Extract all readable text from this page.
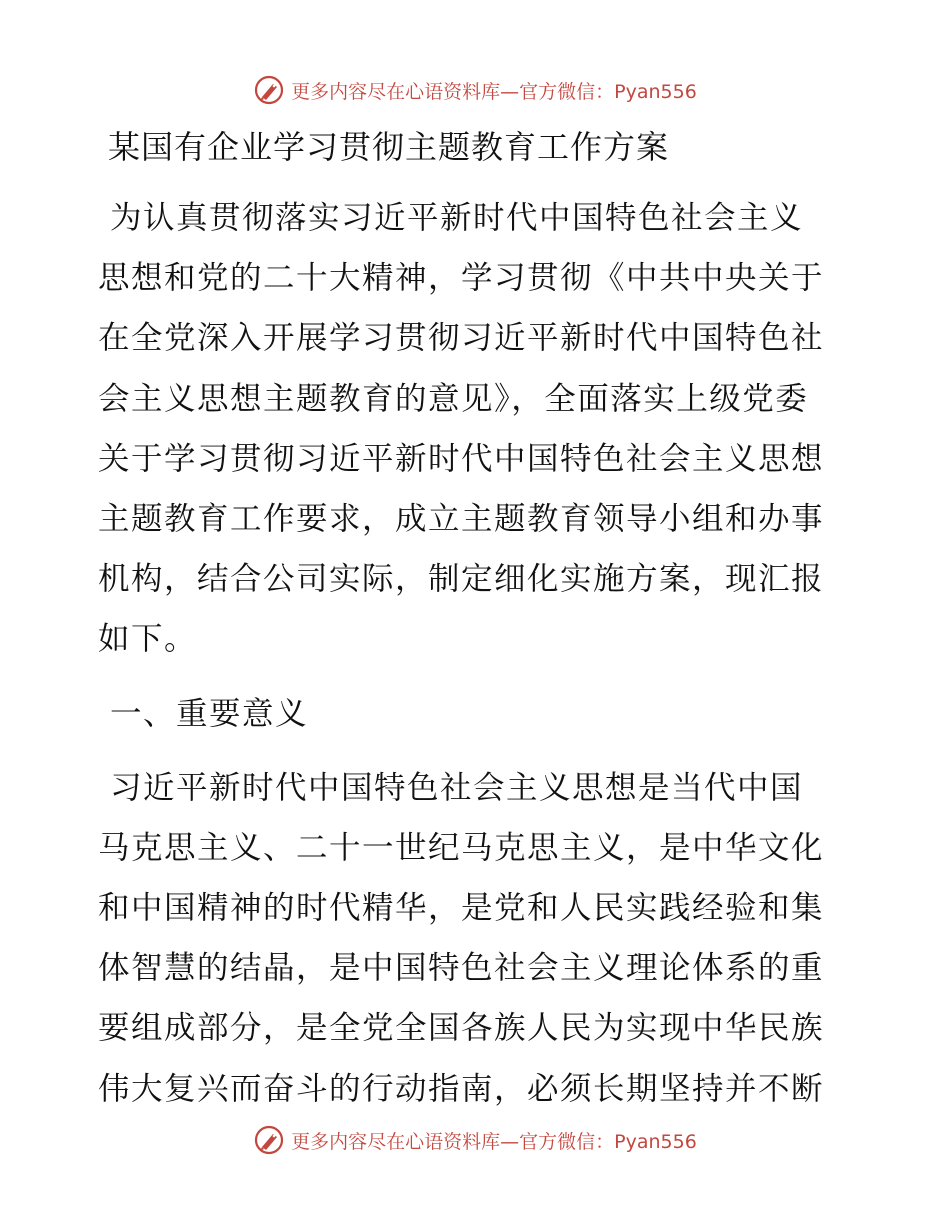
更多内容尽在心语资料库—官方微信：Pyan556
某国有企业学习贯彻主题教育工作方案
为认真贯彻落实习近平新时代中国特色社会主义
思想和党的二十大精神，学习贯彻《中共中央关于
在全党深入开展学习贯彻习近平新时代中国特色社
会主义思想主题教育的意见》，全面落实上级党委
关于学习贯彻习近平新时代中国特色社会主义思想
主题教育工作要求，成立主题教育领导小组和办事
机构，结合公司实际，制定细化实施方案，现汇报
如下。
一、重要意义
习近平新时代中国特色社会主义思想是当代中国
马克思主义、二十一世纪马克思主义，是中华文化
和中国精神的时代精华，是党和人民实践经验和集
体智慧的结晶，是中国特色社会主义理论体系的重
要组成部分，是全党全国各族人民为实现中华民族
伟大复兴而奋斗的行动指南，必须长期坚持并不断
更多内容尽在心语资料库—官方微信：Pyan556
